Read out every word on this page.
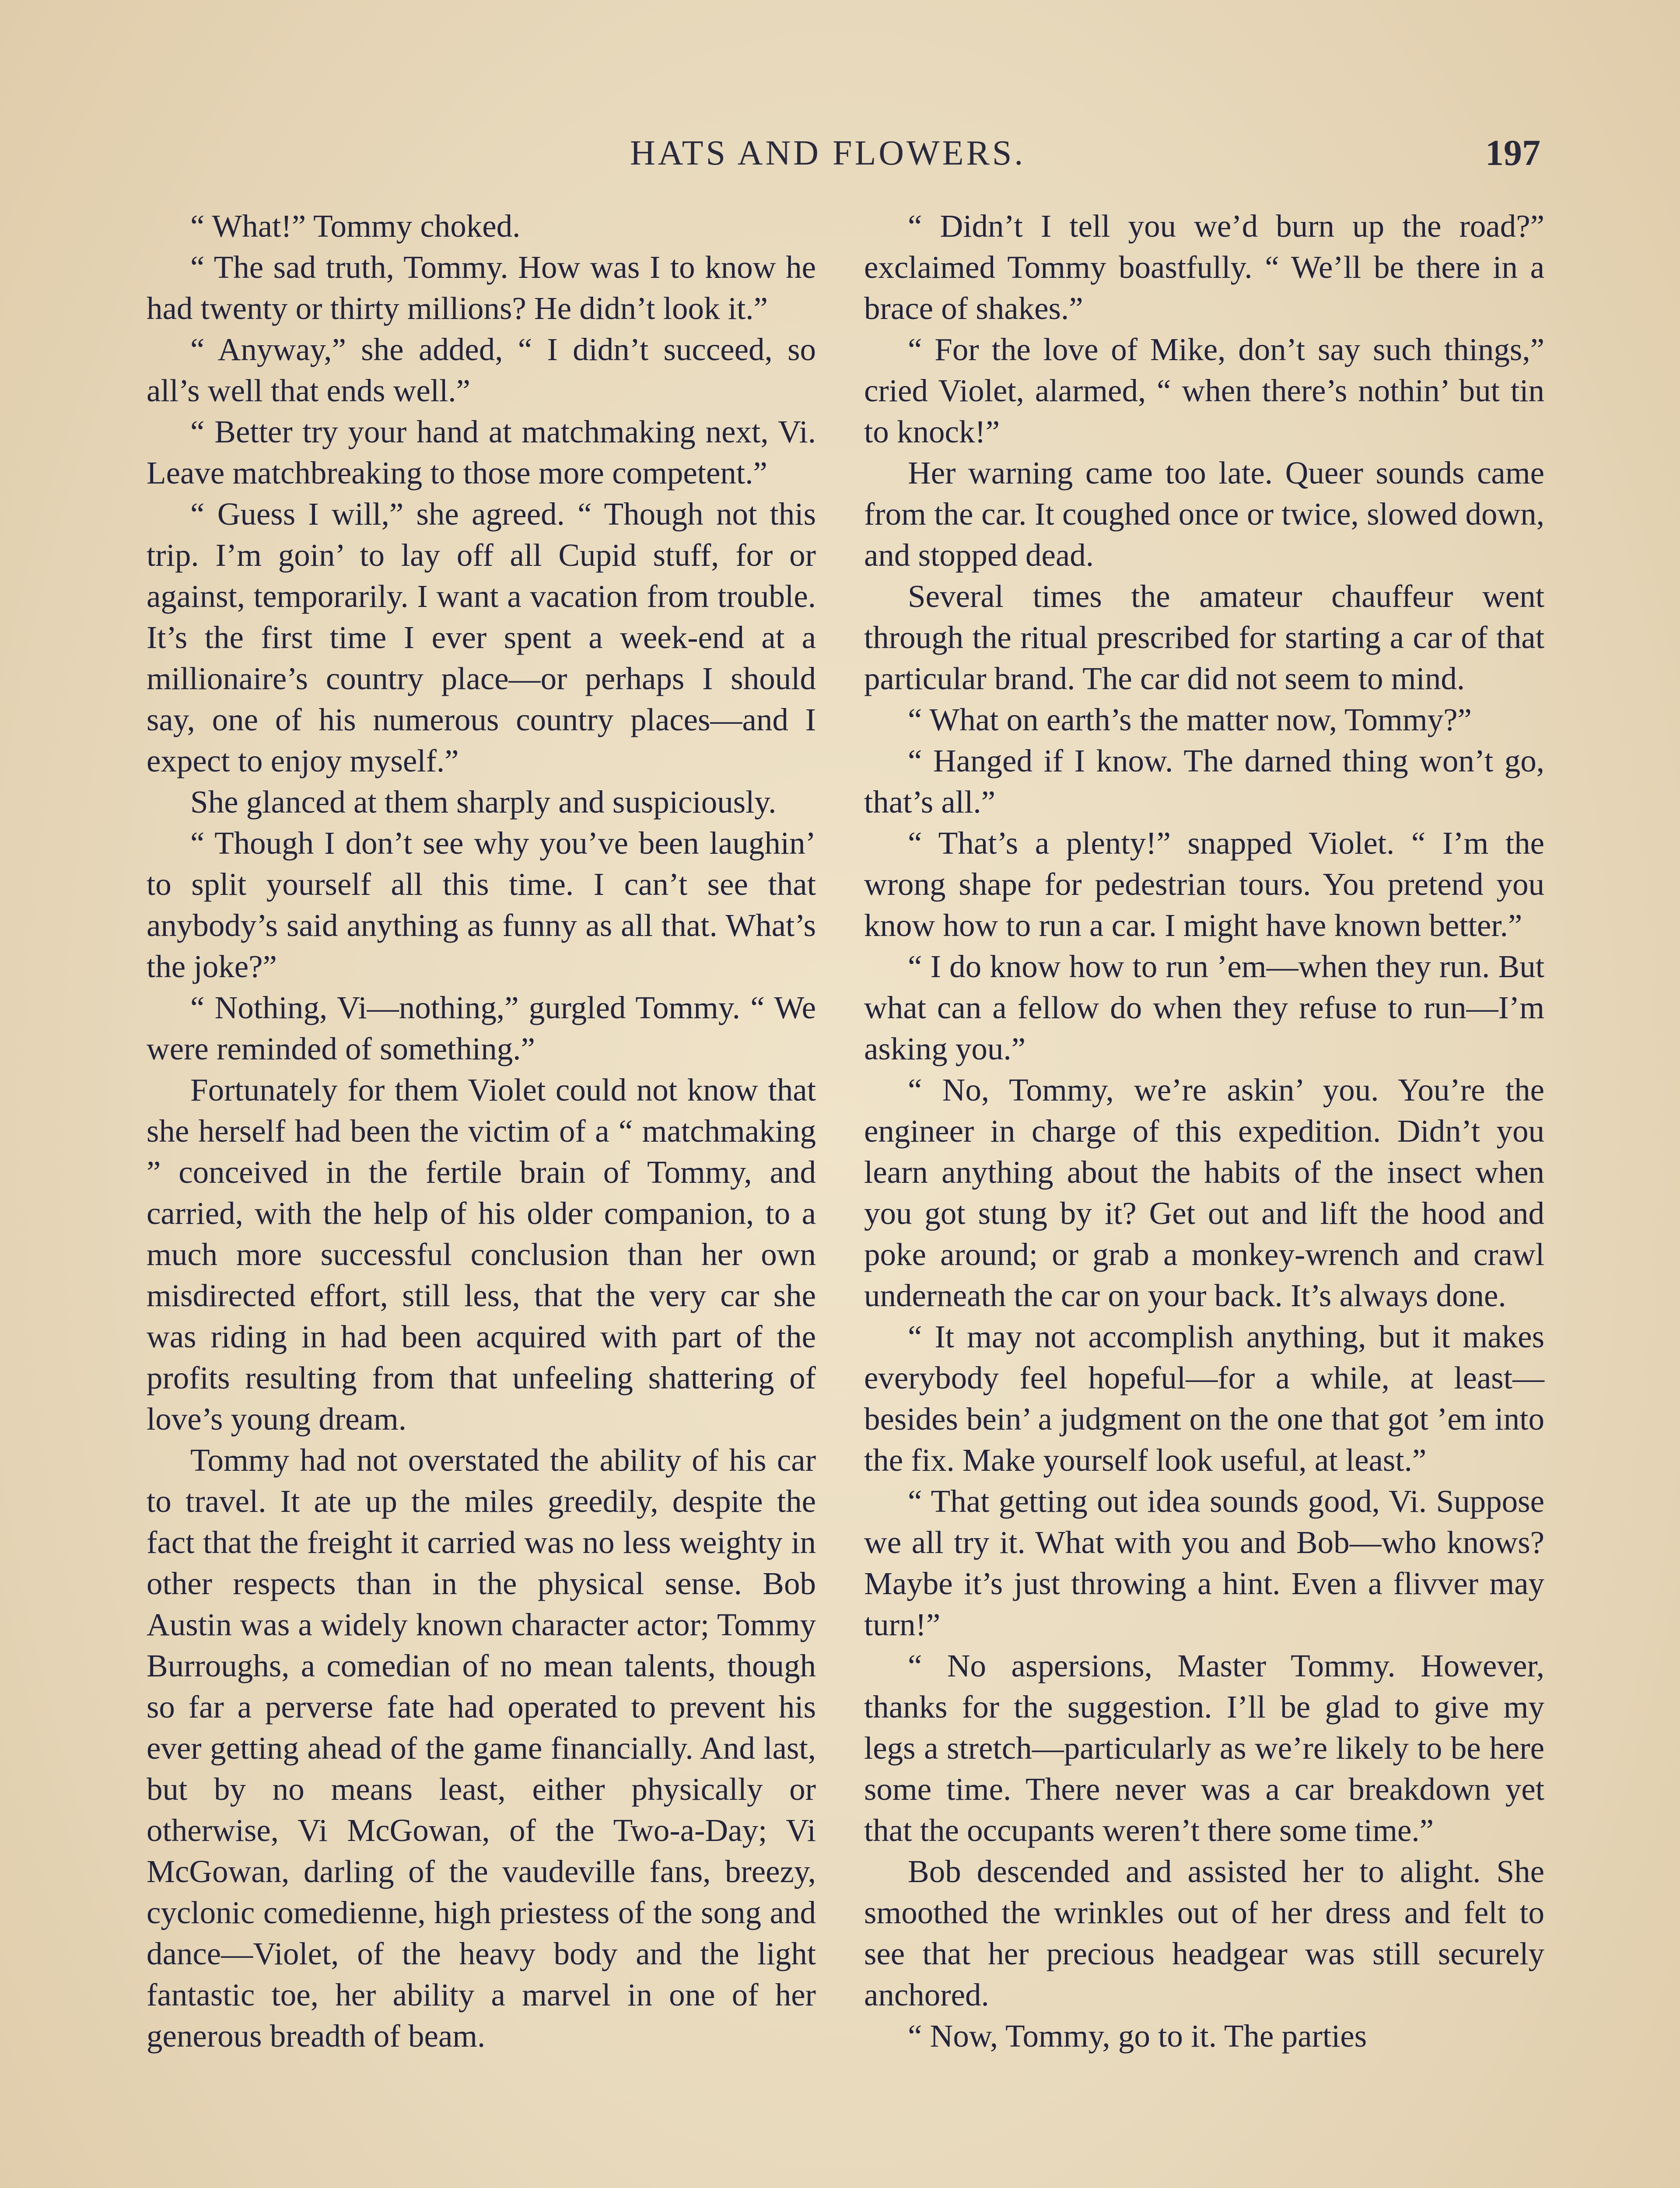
HATS AND FLOWERS.	197

“ What!” Tommy choked.

“ The sad truth, Tommy. How was I to know he had twenty or thirty millions? He didn’t look it.”

“ Anyway,” she added, “ I didn’t succeed, so all’s well that ends well.”

“ Better try your hand at matchmaking next, Vi. Leave matchbreaking to those more competent.”

“ Guess I will,” she agreed. “ Though not this trip. I’m goin’ to lay off all Cupid stuff, for or against, temporarily. I want a vacation from trouble. It’s the first time I ever spent a week-end at a millionaire’s country place—or perhaps I should say, one of his numerous country places—and I expect to enjoy myself.”

She glanced at them sharply and suspiciously.

“ Though I don’t see why you’ve been laughin’ to split yourself all this time. I can’t see that anybody’s said anything as funny as all that. What’s the joke?”

“ Nothing, Vi—nothing,” gurgled Tommy. “ We were reminded of something.”

Fortunately for them Violet could not know that she herself had been the victim of a “ matchmaking ” conceived in the fertile brain of Tommy, and carried, with the help of his older companion, to a much more successful conclusion than her own misdirected effort, still less, that the very car she was riding in had been acquired with part of the profits resulting from that unfeeling shattering of love’s young dream.

Tommy had not overstated the ability of his car to travel. It ate up the miles greedily, despite the fact that the freight it carried was no less weighty in other respects than in the physical sense. Bob Austin was a widely known character actor; Tommy Burroughs, a comedian of no mean talents, though so far a perverse fate had operated to prevent his ever getting ahead of the game financially. And last, but by no means least, either physically or otherwise, Vi McGowan, of the Two-a-Day; Vi McGowan, darling of the vaudeville fans, breezy, cyclonic comedienne, high priestess of the song and dance—Violet, of the heavy body and the light fantastic toe, her ability a marvel in one of her generous breadth of beam.

“ Didn’t I tell you we’d burn up the road?” exclaimed Tommy boastfully. “ We’ll be there in a brace of shakes.”

“ For the love of Mike, don’t say such things,” cried Violet, alarmed, “ when there’s nothin’ but tin to knock!”

Her warning came too late. Queer sounds came from the car. It coughed once or twice, slowed down, and stopped dead.

Several times the amateur chauffeur went through the ritual prescribed for starting a car of that particular brand. The car did not seem to mind.

“ What on earth’s the matter now, Tommy?”

“ Hanged if I know. The darned thing won’t go, that’s all.”

“ That’s a plenty!” snapped Violet. “ I’m the wrong shape for pedestrian tours. You pretend you know how to run a car. I might have known better.”

“ I do know how to run ’em—when they run. But what can a fellow do when they refuse to run—I’m asking you.”

“ No, Tommy, we’re askin’ you. You’re the engineer in charge of this expedition. Didn’t you learn anything about the habits of the insect when you got stung by it? Get out and lift the hood and poke around; or grab a monkey-wrench and crawl underneath the car on your back. It’s always done.

“ It may not accomplish anything, but it makes everybody feel hopeful—for a while, at least—besides bein’ a judgment on the one that got ’em into the fix. Make yourself look useful, at least.”

“ That getting out idea sounds good, Vi. Suppose we all try it. What with you and Bob—who knows? Maybe it’s just throwing a hint. Even a flivver may turn!”

“ No aspersions, Master Tommy. However, thanks for the suggestion. I’ll be glad to give my legs a stretch—particularly as we’re likely to be here some time. There never was a car breakdown yet that the occupants weren’t there some time.”

Bob descended and assisted her to alight. She smoothed the wrinkles out of her dress and felt to see that her precious headgear was still securely anchored.

“ Now, Tommy, go to it. The parties
